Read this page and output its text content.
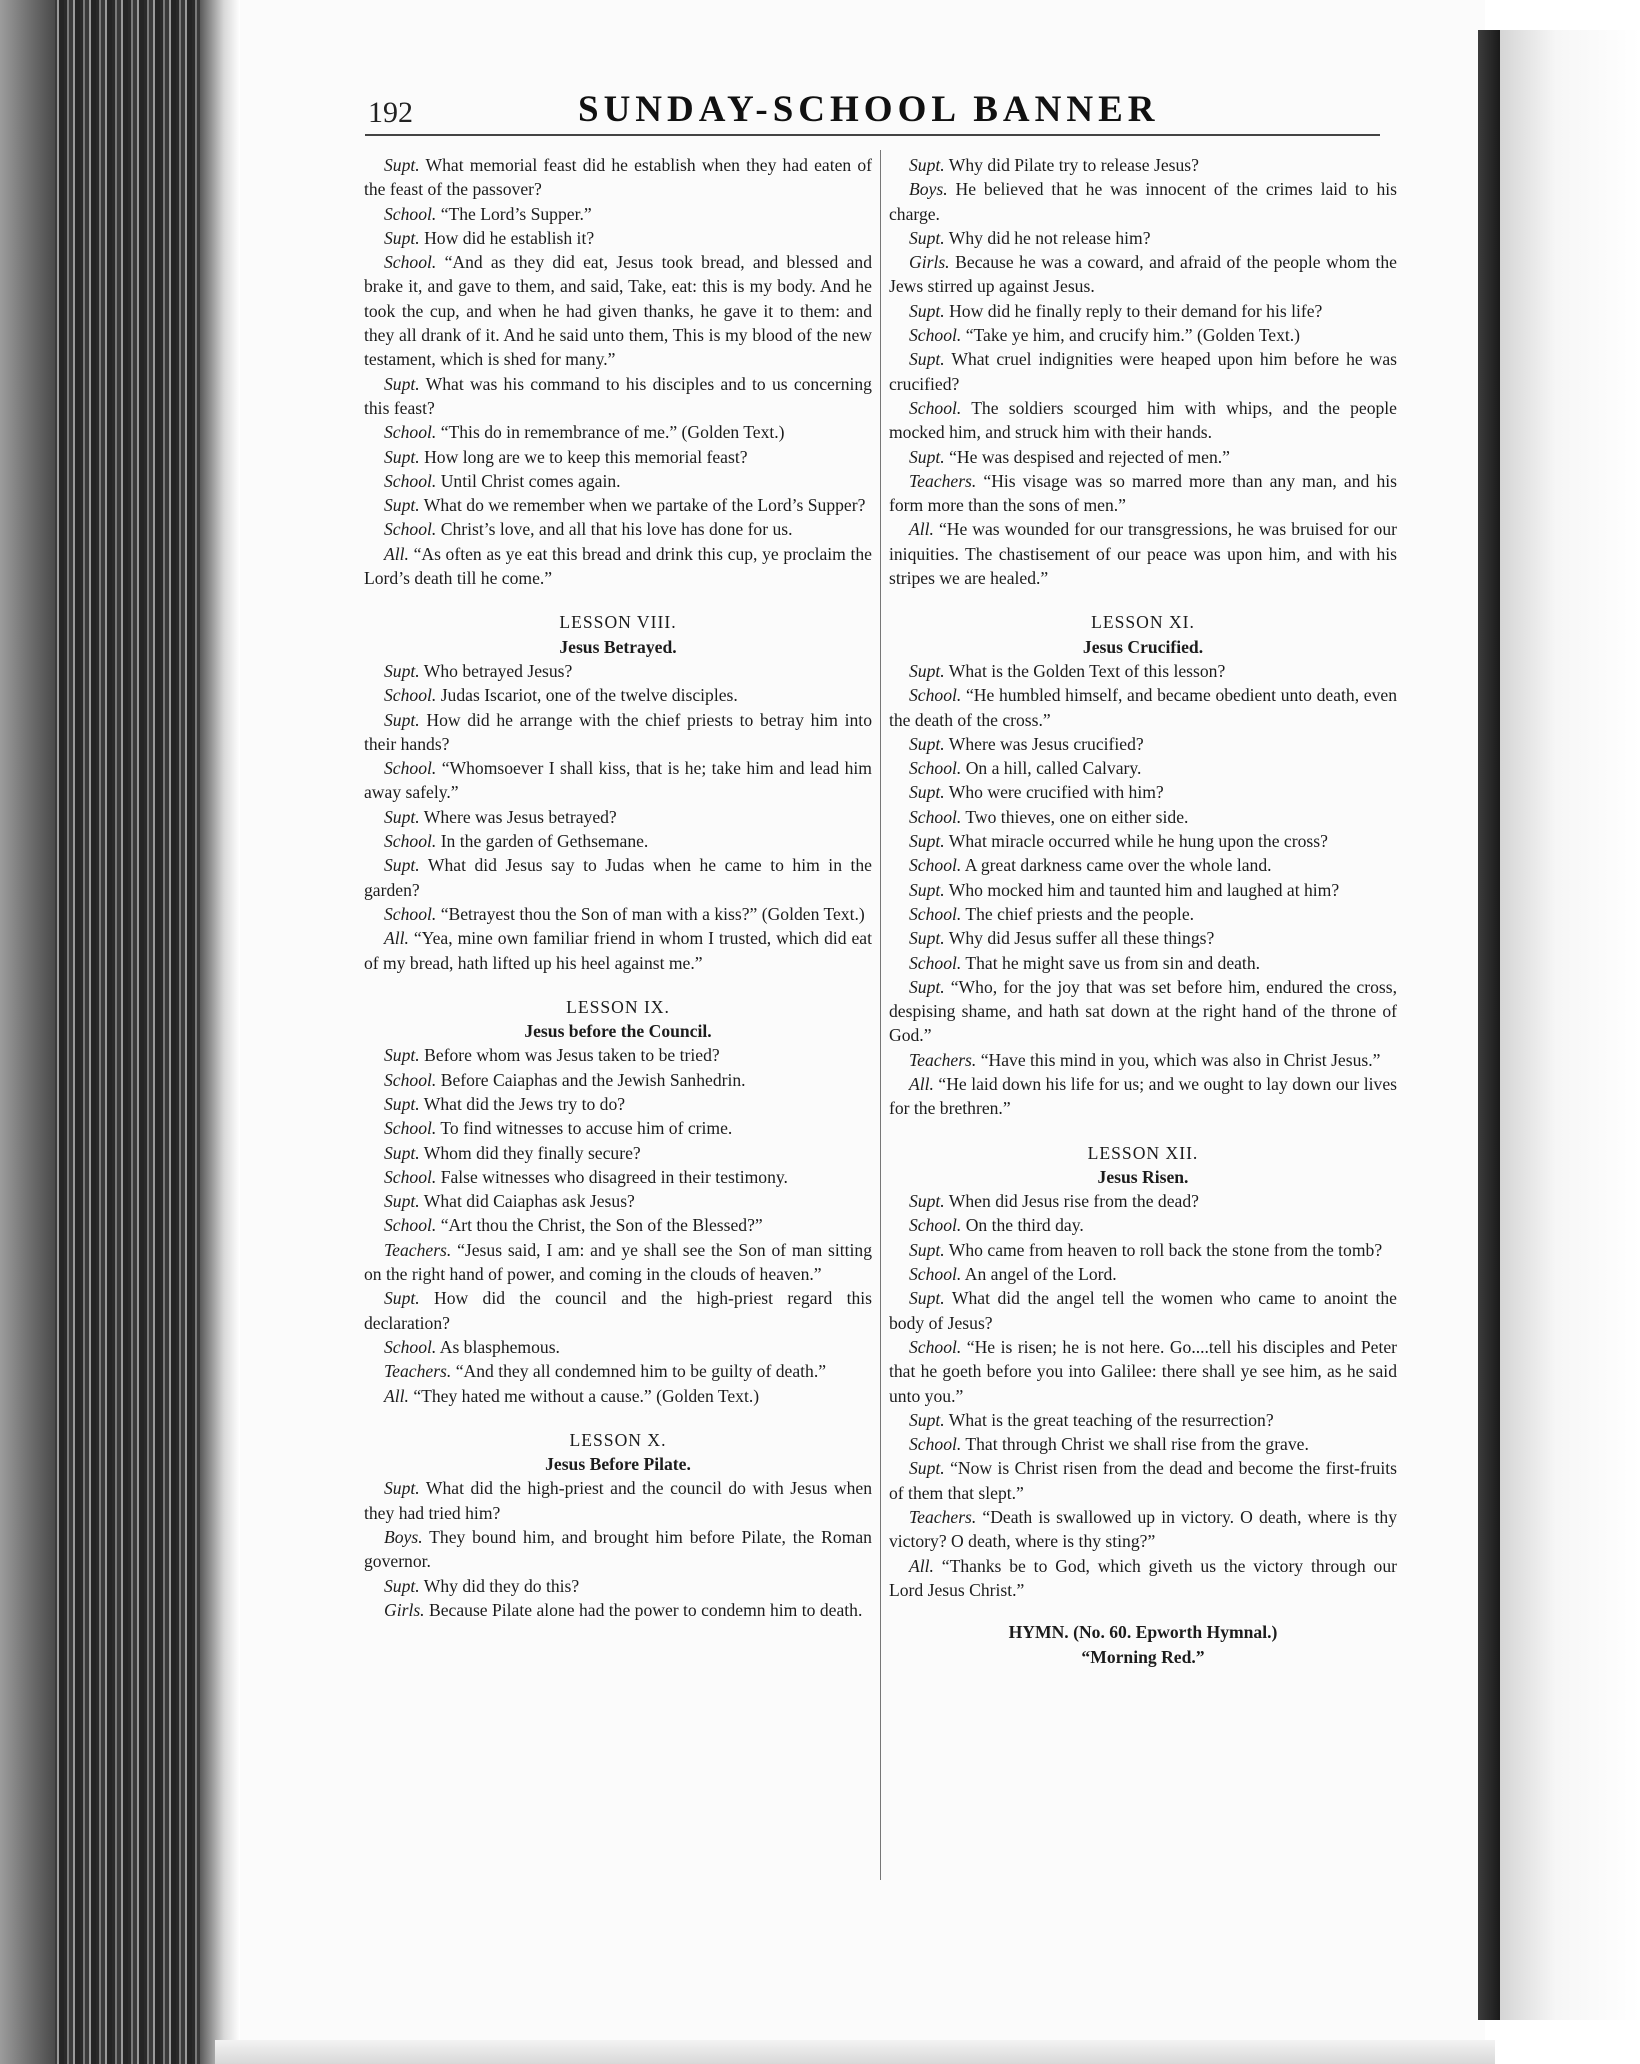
192	SUNDAY-SCHOOL BANNER

Supt. What memorial feast did he establish when they had eaten of the feast of the passover?

School. “The Lord’s Supper.”

Supt. How did he establish it?

School. “And as they did eat, Jesus took bread, and blessed and brake it, and gave to them, and said, Take, eat: this is my body. And he took the cup, and when he had given thanks, he gave it to them: and they all drank of it. And he said unto them, This is my blood of the new testament, which is shed for many.”

Supt. What was his command to his disciples and to us concerning this feast?

School. “This do in remembrance of me.” (Golden Text.)

Supt. How long are we to keep this memorial feast?

School. Until Christ comes again.

Supt. What do we remember when we partake of the Lord’s Supper?

School. Christ’s love, and all that his love has done for us.

All. “As often as ye eat this bread and drink this cup, ye proclaim the Lord’s death till he come.”

LESSON VIII.

Jesus Betrayed.

Supt. Who betrayed Jesus?

School. Judas Iscariot, one of the twelve disciples.

Supt. How did he arrange with the chief priests to betray him into their hands?

School. “Whomsoever I shall kiss, that is he; take him and lead him away safely.”

Supt. Where was Jesus betrayed?

School. In the garden of Gethsemane.

Supt. What did Jesus say to Judas when he came to him in the garden?

School. “Betrayest thou the Son of man with a kiss?” (Golden Text.)

All. “Yea, mine own familiar friend in whom I trusted, which did eat of my bread, hath lifted up his heel against me.”

LESSON IX.

Jesus before the Council.

Supt. Before whom was Jesus taken to be tried?

School. Before Caiaphas and the Jewish Sanhedrin.

Supt. What did the Jews try to do?

School. To find witnesses to accuse him of crime.

Supt. Whom did they finally secure?

School. False witnesses who disagreed in their testimony.

Supt. What did Caiaphas ask Jesus?

School. “Art thou the Christ, the Son of the Blessed?”

Teachers. “Jesus said, I am: and ye shall see the Son of man sitting on the right hand of power, and coming in the clouds of heaven.”

Supt. How did the council and the high-priest regard this declaration?

School. As blasphemous.

Teachers. “And they all condemned him to be guilty of death.”

All. “They hated me without a cause.” (Golden Text.)

LESSON X.

Jesus Before Pilate.

Supt. What did the high-priest and the council do with Jesus when they had tried him?

Boys. They bound him, and brought him before Pilate, the Roman governor.

Supt. Why did they do this?

Girls. Because Pilate alone had the power to condemn him to death.

Supt. Why did Pilate try to release Jesus?

Boys. He believed that he was innocent of the crimes laid to his charge.

Supt. Why did he not release him?

Girls. Because he was a coward, and afraid of the people whom the Jews stirred up against Jesus.

Supt. How did he finally reply to their demand for his life?

School. “Take ye him, and crucify him.” (Golden Text.)

Supt. What cruel indignities were heaped upon him before he was crucified?

School. The soldiers scourged him with whips, and the people mocked him, and struck him with their hands.

Supt. “He was despised and rejected of men.”

Teachers. “His visage was so marred more than any man, and his form more than the sons of men.”

All. “He was wounded for our transgressions, he was bruised for our iniquities. The chastisement of our peace was upon him, and with his stripes we are healed.”

LESSON XI.

Jesus Crucified.

Supt. What is the Golden Text of this lesson?

School. “He humbled himself, and became obedient unto death, even the death of the cross.”

Supt. Where was Jesus crucified?

School. On a hill, called Calvary.

Supt. Who were crucified with him?

School. Two thieves, one on either side.

Supt. What miracle occurred while he hung upon the cross?

School. A great darkness came over the whole land.

Supt. Who mocked him and taunted him and laughed at him?

School. The chief priests and the people.

Supt. Why did Jesus suffer all these things?

School. That he might save us from sin and death.

Supt. “Who, for the joy that was set before him, endured the cross, despising shame, and hath sat down at the right hand of the throne of God.”

Teachers. “Have this mind in you, which was also in Christ Jesus.”

All. “He laid down his life for us; and we ought to lay down our lives for the brethren.”

LESSON XII.

Jesus Risen.

Supt. When did Jesus rise from the dead?

School. On the third day.

Supt. Who came from heaven to roll back the stone from the tomb?

School. An angel of the Lord.

Supt. What did the angel tell the women who came to anoint the body of Jesus?

School. “He is risen; he is not here. Go....tell his disciples and Peter that he goeth before you into Galilee: there shall ye see him, as he said unto you.”

Supt. What is the great teaching of the resurrection?

School. That through Christ we shall rise from the grave.

Supt. “Now is Christ risen from the dead and become the first-fruits of them that slept.”

Teachers. “Death is swallowed up in victory. O death, where is thy victory? O death, where is thy sting?”

All. “Thanks be to God, which giveth us the victory through our Lord Jesus Christ.”

HYMN. (No. 60. Epworth Hymnal.)

“Morning Red.”
